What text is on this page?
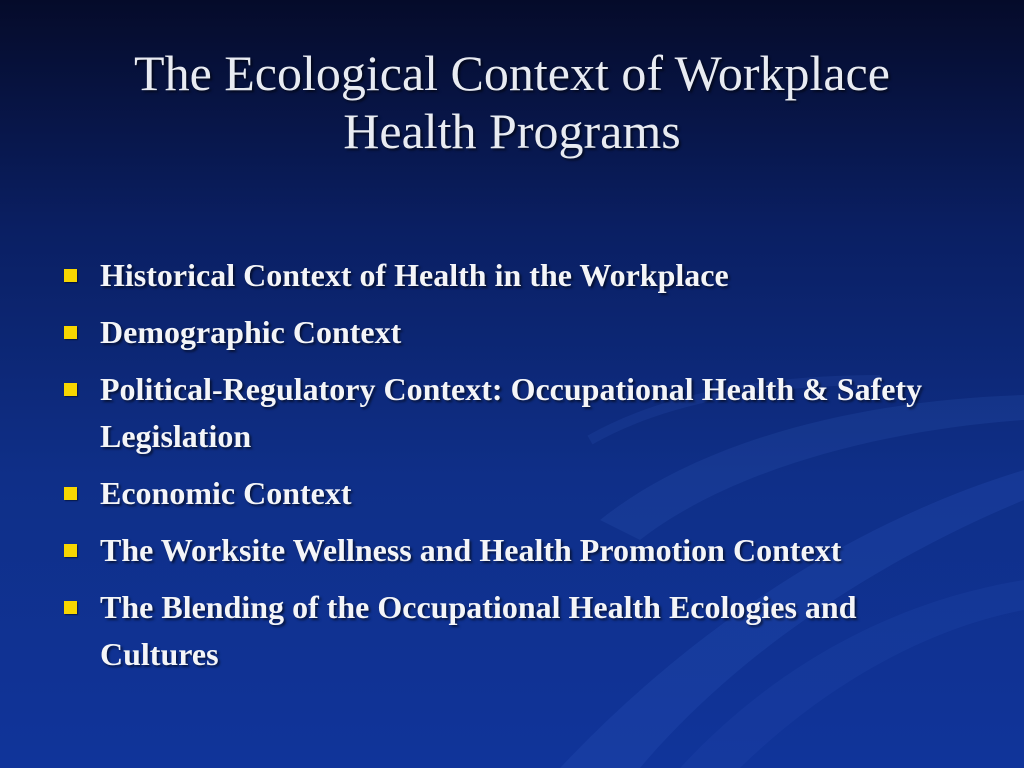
The Ecological Context of Workplace
Health Programs
Historical Context of Health in the Workplace
Demographic Context
Political-Regulatory Context: Occupational Health & Safety Legislation
Economic Context
The Worksite Wellness and Health Promotion Context
The Blending of the Occupational Health Ecologies and Cultures
